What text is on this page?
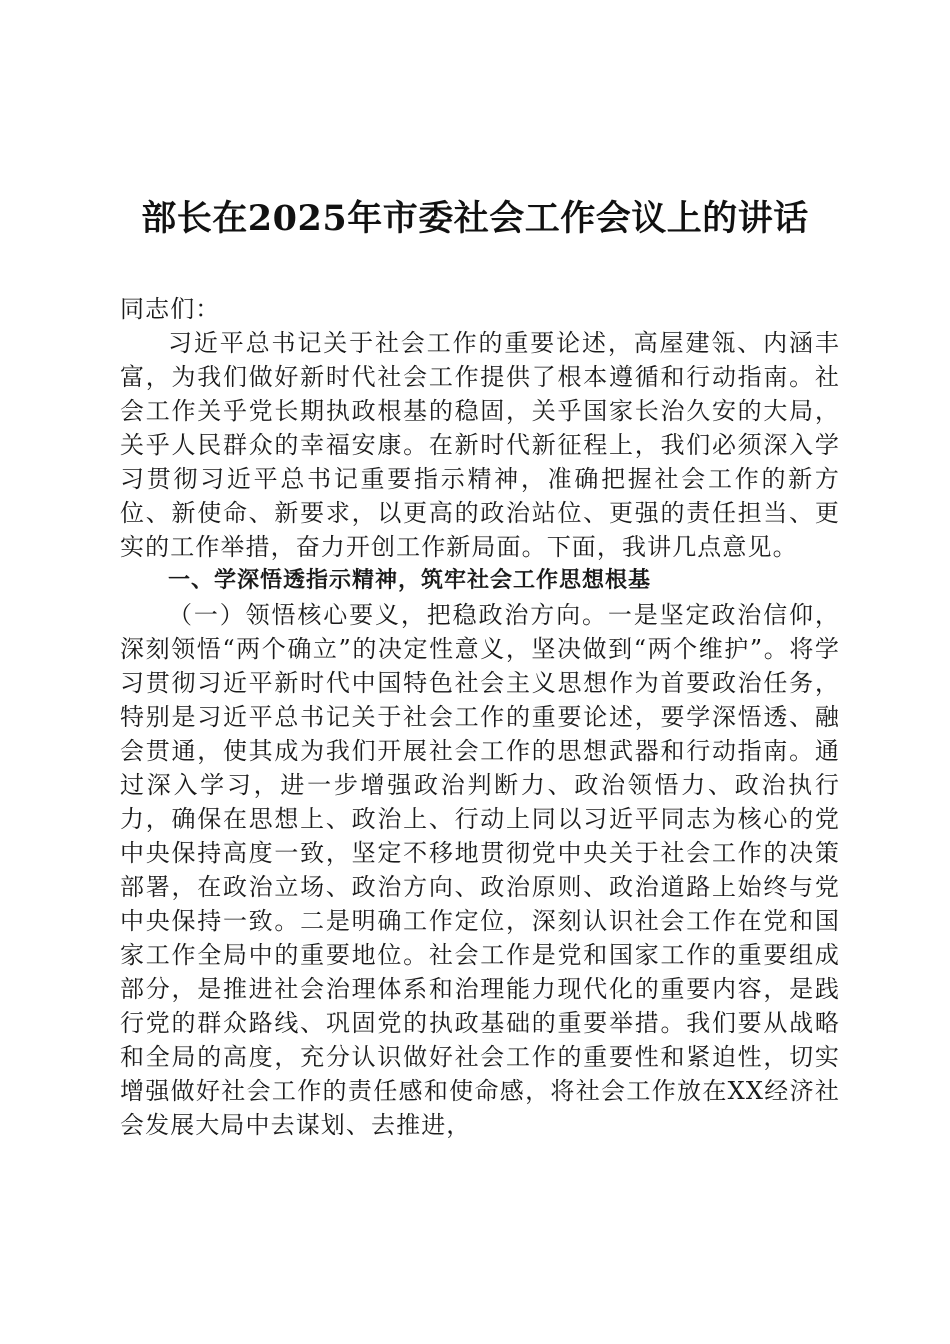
部长在2025年市委社会工作会议上的讲话

同志们：

习近平总书记关于社会工作的重要论述，高屋建瓴、内涵丰富，为我们做好新时代社会工作提供了根本遵循和行动指南。社会工作关乎党长期执政根基的稳固，关乎国家长治久安的大局，关乎人民群众的幸福安康。在新时代新征程上，我们必须深入学习贯彻习近平总书记重要指示精神，准确把握社会工作的新方位、新使命、新要求，以更高的政治站位、更强的责任担当、更实的工作举措，奋力开创工作新局面。下面，我讲几点意见。

一、学深悟透指示精神，筑牢社会工作思想根基

（一）领悟核心要义，把稳政治方向。一是坚定政治信仰，深刻领悟“两个确立”的决定性意义，坚决做到“两个维护”。将学习贯彻习近平新时代中国特色社会主义思想作为首要政治任务，特别是习近平总书记关于社会工作的重要论述，要学深悟透、融会贯通，使其成为我们开展社会工作的思想武器和行动指南。通过深入学习，进一步增强政治判断力、政治领悟力、政治执行力，确保在思想上、政治上、行动上同以习近平同志为核心的党中央保持高度一致，坚定不移地贯彻党中央关于社会工作的决策部署，在政治立场、政治方向、政治原则、政治道路上始终与党中央保持一致。二是明确工作定位，深刻认识社会工作在党和国家工作全局中的重要地位。社会工作是党和国家工作的重要组成部分，是推进社会治理体系和治理能力现代化的重要内容，是践行党的群众路线、巩固党的执政基础的重要举措。我们要从战略和全局的高度，充分认识做好社会工作的重要性和紧迫性，切实增强做好社会工作的责任感和使命感，将社会工作放在XX经济社会发展大局中去谋划、去推进，
